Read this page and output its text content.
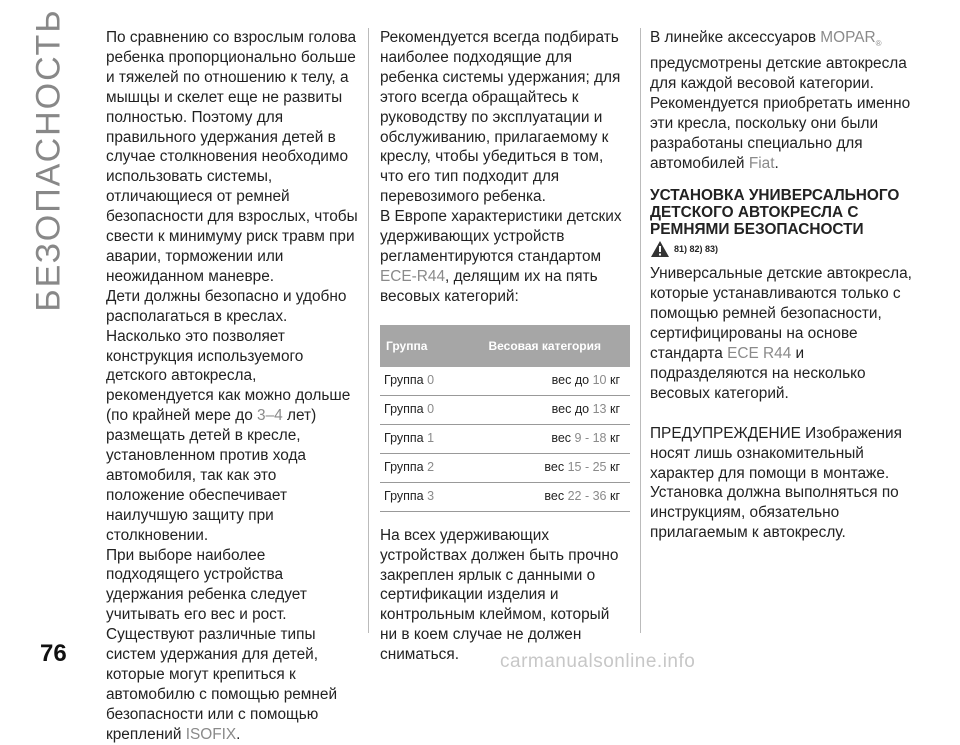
БЕЗОПАСНОСТЬ	По сравнению со взрослым голова ребенка пропорционально больше и тяжелей по отношению к телу, а мышцы и скелет еще не развиты полностью. Поэтому для правильного удержания детей в случае столкновения необходимо использовать системы, отличающиеся от ремней безопасности для взрослых, чтобы свести к минимуму риск травм при аварии, торможении или неожиданном маневре.

Дети должны безопасно и удобно располагаться в креслах. Насколько это позволяет конструкция используемого детского автокресла, рекомендуется как можно дольше (по крайней мере до 3–4 лет) размещать детей в кресле, установленном против хода автомобиля, так как это положение обеспечивает наилучшую защиту при столкновении.

При выборе наиболее подходящего устройства удержания ребенка следует учитывать его вес и рост. Существуют различные типы систем удержания для детей, которые могут крепиться к автомобилю с помощью ремней безопасности или с помощью креплений ISOFIX.

Рекомендуется всегда подбирать наиболее подходящие для ребенка системы удержания; для этого всегда обращайтесь к руководству по эксплуатации и обслуживанию, прилагаемому к креслу, чтобы убедиться в том, что его тип подходит для перевозимого ребенка.

В Европе характеристики детских удерживающих устройств регламентируются стандартом ECE-R44, делящим их на пять весовых категорий:

Группа	Весовая категория
Группа 0	вес до 10 кг
Группа 0	вес до 13 кг
Группа 1	вес 9 - 18 кг
Группа 2	вес 15 - 25 кг
Группа 3	вес 22 - 36 кг

На всех удерживающих устройствах должен быть прочно закреплен ярлык с данными о сертификации изделия и контрольным клеймом, который ни в коем случае не должен сниматься.

В линейке аксессуаров $MOPAR_®$ предусмотрены детские автокресла для каждой весовой категории. Рекомендуется приобретать именно эти кресла, поскольку они были разработаны специально для автомобилей Fiat.

УСТАНОВКА УНИВЕРСАЛЬНОГО ДЕТСКОГО АВТОКРЕСЛА С РЕМНЯМИ БЕЗОПАСНОСТИ

81) 82) 83)

Универсальные детские автокресла, которые устанавливаются только с помощью ремней безопасности, сертифицированы на основе стандарта ECE R44 и подразделяются на несколько весовых категорий.

ПРЕДУПРЕЖДЕНИЕ Изображения носят лишь ознакомительный характер для помощи в монтаже. Установка должна выполняться по инструкциям, обязательно прилагаемым к автокреслу.

76	carmanualsonline.info
